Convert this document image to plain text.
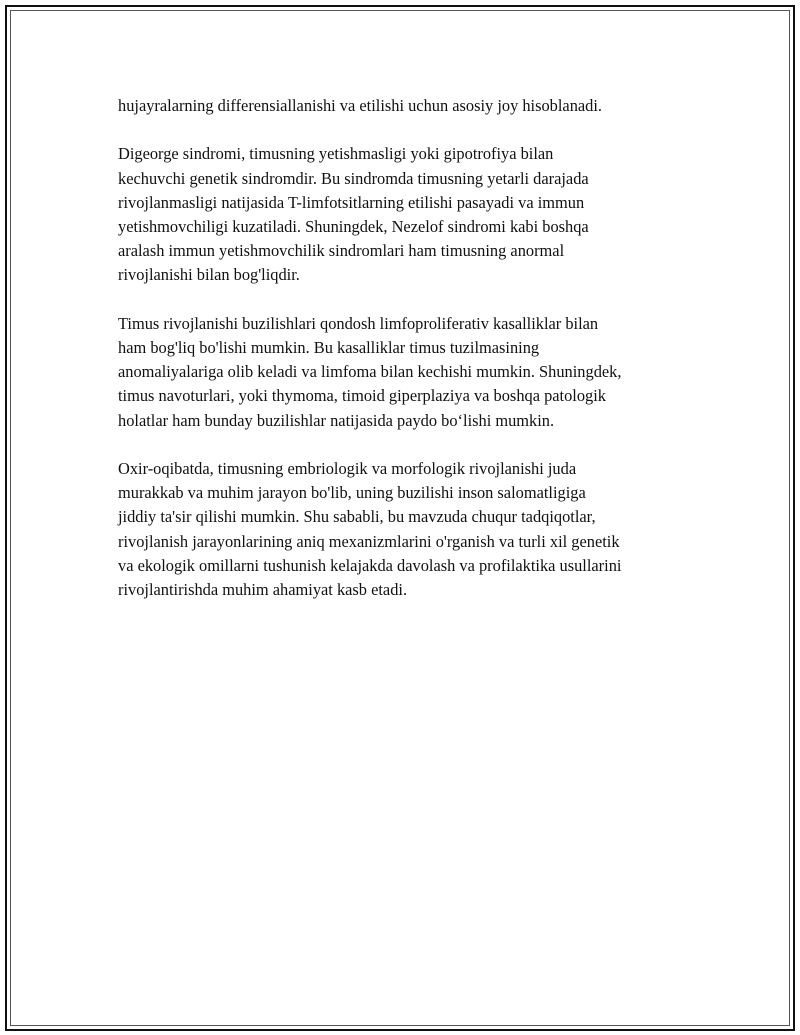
hujayralarning differensiallanishi va etilishi uchun asosiy joy hisoblanadi.

Digeorge sindromi, timusning yetishmasligi yoki gipotrofiya bilan
kechuvchi genetik sindromdir. Bu sindromda timusning yetarli darajada
rivojlanmasligi natijasida T-limfotsitlarning etilishi pasayadi va immun
yetishmovchiligi kuzatiladi. Shuningdek, Nezelof sindromi kabi boshqa
aralash immun yetishmovchilik sindromlari ham timusning anormal
rivojlanishi bilan bog'liqdir.

Timus rivojlanishi buzilishlari qondosh limfoproliferativ kasalliklar bilan
ham bog'liq bo'lishi mumkin. Bu kasalliklar timus tuzilmasining
anomaliyalariga olib keladi va limfoma bilan kechishi mumkin. Shuningdek,
timus navoturlari, yoki thymoma, timoid giperplaziya va boshqa patologik
holatlar ham bunday buzilishlar natijasida paydo bo‘lishi mumkin.

Oxir-oqibatda, timusning embriologik va morfologik rivojlanishi juda
murakkab va muhim jarayon bo'lib, uning buzilishi inson salomatligiga
jiddiy ta'sir qilishi mumkin. Shu sababli, bu mavzuda chuqur tadqiqotlar,
rivojlanish jarayonlarining aniq mexanizmlarini o'rganish va turli xil genetik
va ekologik omillarni tushunish kelajakda davolash va profilaktika usullarini
rivojlantirishda muhim ahamiyat kasb etadi.
